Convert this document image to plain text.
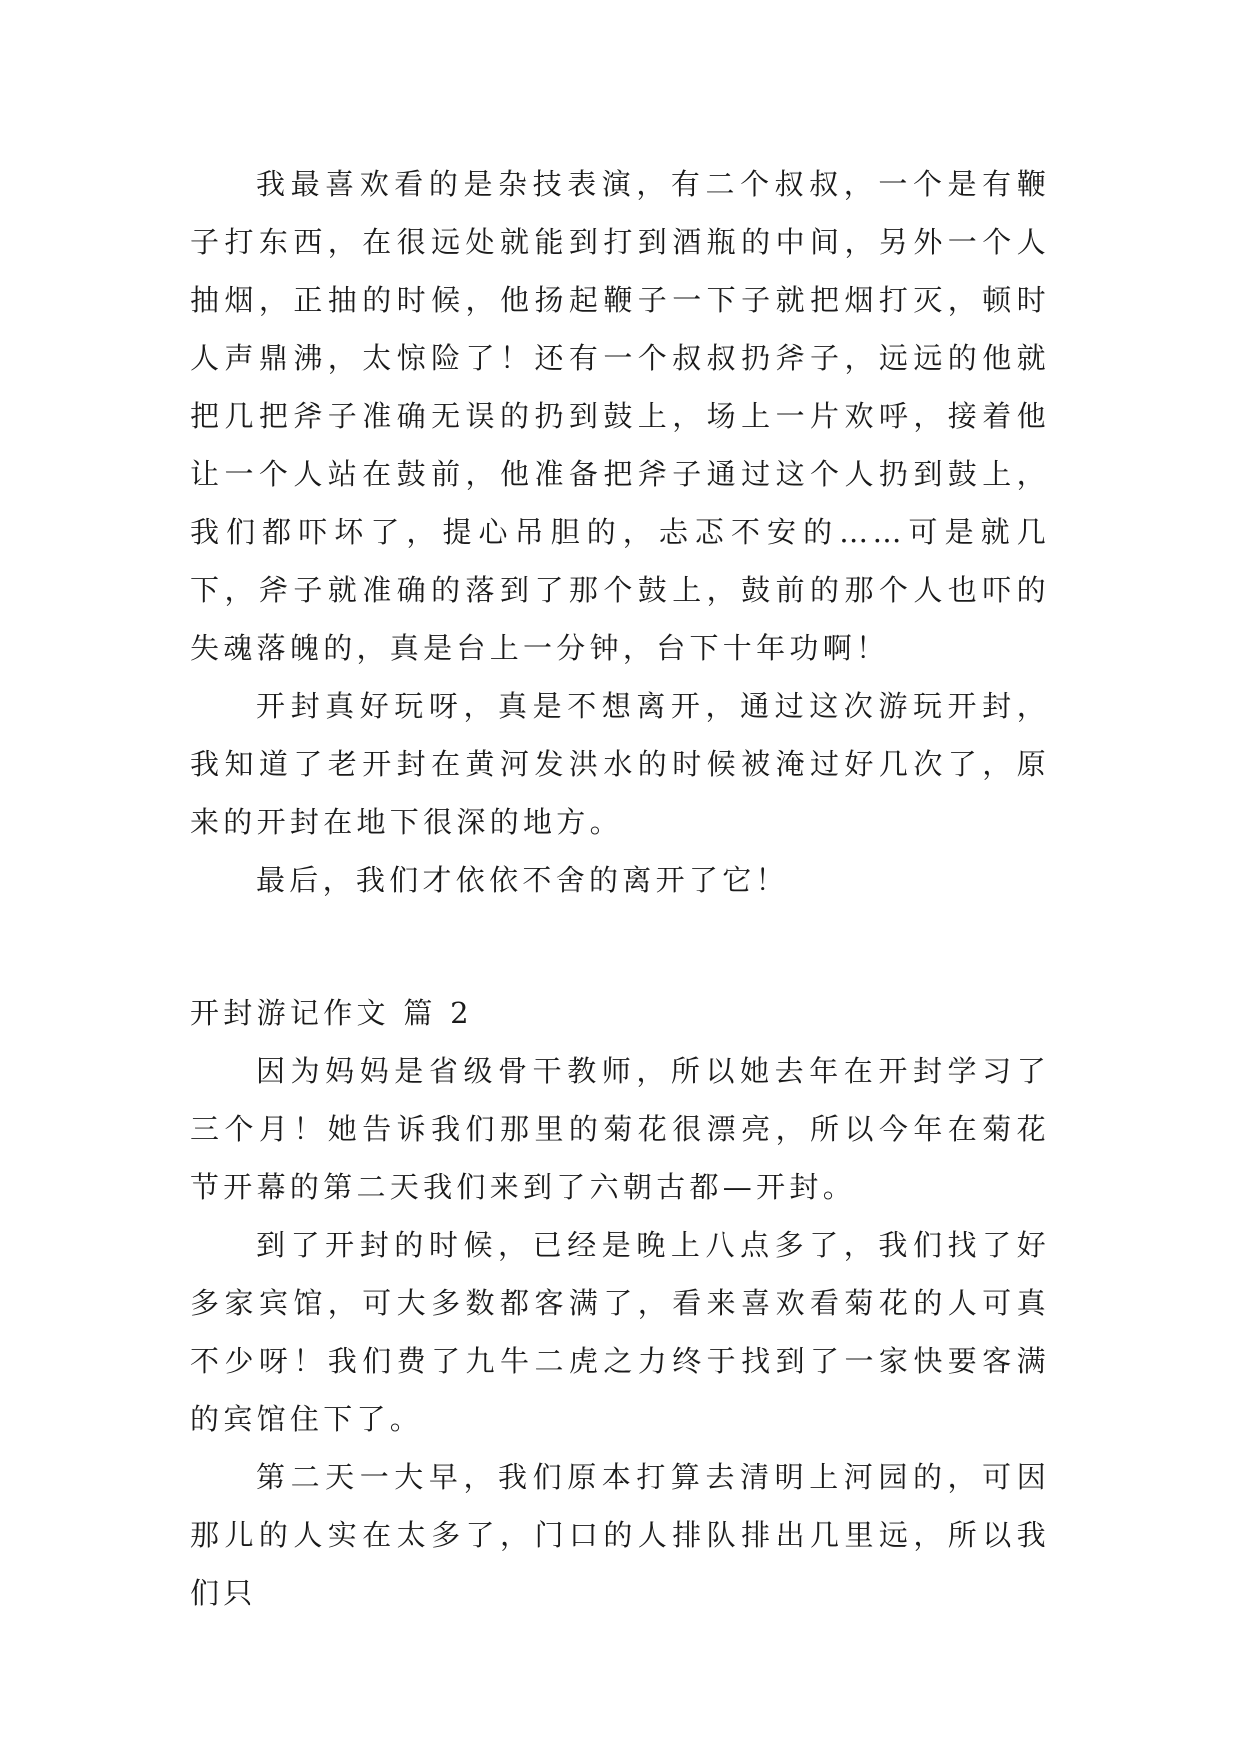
我最喜欢看的是杂技表演，有二个叔叔，一个是有鞭子打东西，在很远处就能到打到酒瓶的中间，另外一个人抽烟，正抽的时候，他扬起鞭子一下子就把烟打灭，顿时人声鼎沸，太惊险了！还有一个叔叔扔斧子，远远的他就把几把斧子准确无误的扔到鼓上，场上一片欢呼，接着他让一个人站在鼓前，他准备把斧子通过这个人扔到鼓上，我们都吓坏了，提心吊胆的，忐忑不安的……可是就几下，斧子就准确的落到了那个鼓上，鼓前的那个人也吓的失魂落魄的，真是台上一分钟，台下十年功啊！

开封真好玩呀，真是不想离开，通过这次游玩开封，我知道了老开封在黄河发洪水的时候被淹过好几次了，原来的开封在地下很深的地方。

最后，我们才依依不舍的离开了它！

开封游记作文 篇 2

因为妈妈是省级骨干教师，所以她去年在开封学习了三个月！她告诉我们那里的菊花很漂亮，所以今年在菊花节开幕的第二天我们来到了六朝古都—开封。

到了开封的时候，已经是晚上八点多了，我们找了好多家宾馆，可大多数都客满了，看来喜欢看菊花的人可真不少呀！我们费了九牛二虎之力终于找到了一家快要客满的宾馆住下了。

第二天一大早，我们原本打算去清明上河园的，可因那儿的人实在太多了，门口的人排队排出几里远，所以我们只
